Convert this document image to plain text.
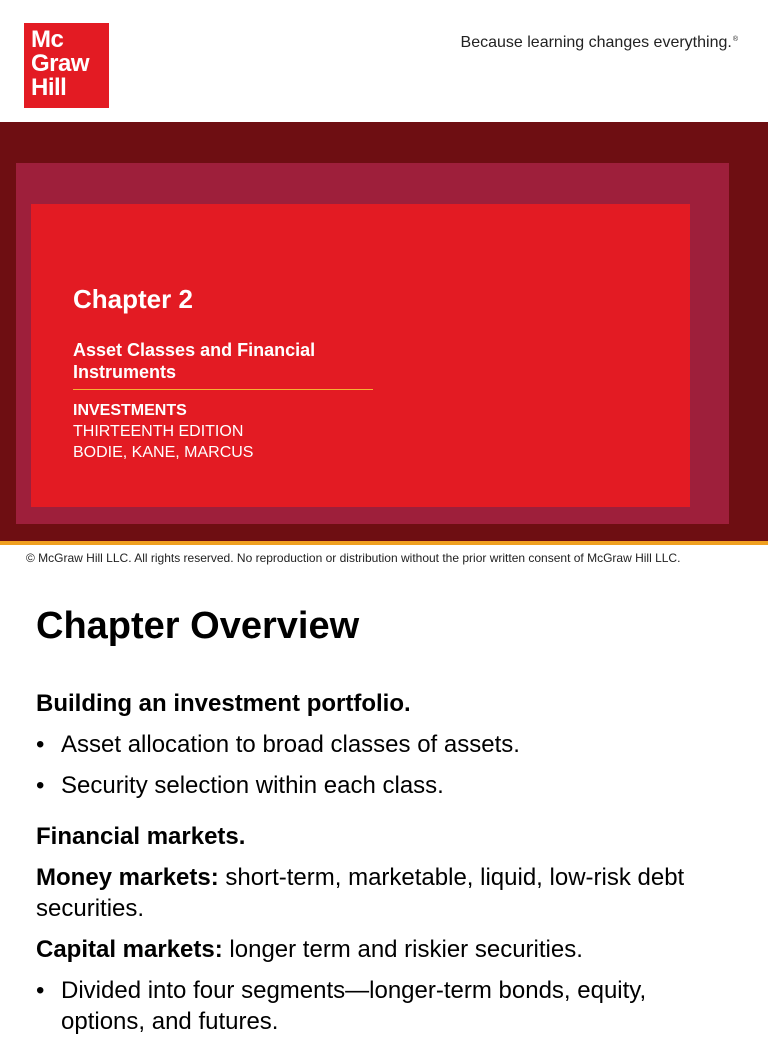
Mc
Graw
Hill
Because learning changes everything.®
Chapter 2
Asset Classes and Financial Instruments
INVESTMENTS
THIRTEENTH EDITION
BODIE, KANE, MARCUS
© McGraw Hill LLC. All rights reserved. No reproduction or distribution without the prior written consent of McGraw Hill LLC.
Chapter Overview

Building an investment portfolio.

• Asset allocation to broad classes of assets.

• Security selection within each class.

Financial markets.

Money markets: short-term, marketable, liquid, low-risk debt securities.

Capital markets: longer term and riskier securities.

• Divided into four segments—longer-term bonds, equity, options, and futures.
